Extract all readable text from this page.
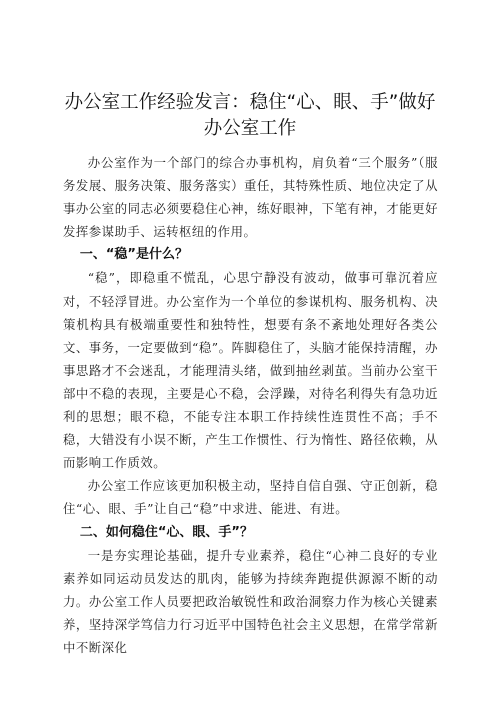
办公室工作经验发言：稳住“心、眼、手”做好
办公室工作

办公室作为一个部门的综合办事机构，肩负着“三个服务”（服务发展、服务决策、服务落实）重任，其特殊性质、地位决定了从事办公室的同志必须要稳住心神，练好眼神，下笔有神，才能更好发挥参谋助手、运转枢纽的作用。

一、“稳”是什么？

“稳”，即稳重不慌乱，心思宁静没有波动，做事可靠沉着应对，不轻浮冒进。办公室作为一个单位的参谋机构、服务机构、决策机构具有极端重要性和独特性，想要有条不紊地处理好各类公文、事务，一定要做到“稳”。阵脚稳住了，头脑才能保持清醒，办事思路才不会迷乱，才能理清头绪，做到抽丝剥茧。当前办公室干部中不稳的表现，主要是心不稳，会浮躁，对待名利得失有急功近利的思想；眼不稳，不能专注本职工作持续性连贯性不高；手不稳，大错没有小误不断，产生工作惯性、行为惰性、路径依赖，从而影响工作质效。

办公室工作应该更加积极主动，坚持自信自强、守正创新，稳住“心、眼、手”让自己“稳”中求进、能进、有进。

二、如何稳住“心、眼、手”？

一是夯实理论基础，提升专业素养，稳住“心神二良好的专业素养如同运动员发达的肌肉，能够为持续奔跑提供源源不断的动力。办公室工作人员要把政治敏锐性和政治洞察力作为核心关键素养，坚持深学笃信力行习近平中国特色社会主义思想，在常学常新中不断深化
